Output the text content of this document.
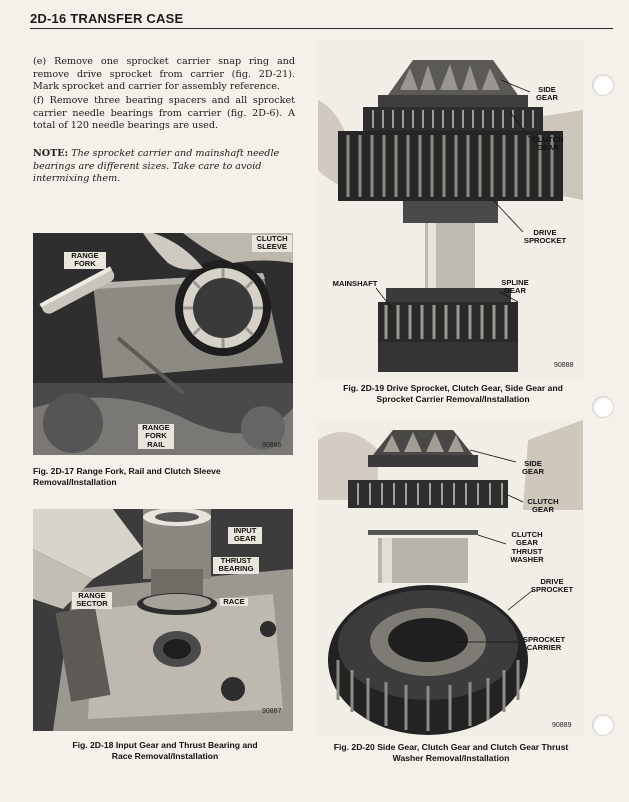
2D-16 TRANSFER CASE
(e) Remove one sprocket carrier snap ring and remove drive sprocket from carrier (fig. 2D-21). Mark sprocket and carrier for assembly reference.
(f) Remove three bearing spacers and all sprocket carrier needle bearings from carrier (fig. 2D-6). A total of 120 needle bearings are used.
NOTE: The sprocket carrier and mainshaft needle bearings are different sizes. Take care to avoid intermixing them.
CLUTCH SLEEVE
RANGE FORK
RANGE FORK RAIL	90886
Fig. 2D-17 Range Fork, Rail and Clutch Sleeve Removal/Installation
INPUT GEAR
THRUST BEARING
RANGE SECTOR	RACE
90887
Fig. 2D-18 Input Gear and Thrust Bearing and Race Removal/Installation
SIDE GEAR
CLUTCH GEAR
DRIVE SPROCKET
MAINSHAFT	SPLINE GEAR
90888
Fig. 2D-19 Drive Sprocket, Clutch Gear, Side Gear and Sprocket Carrier Removal/Installation
SIDE GEAR
CLUTCH GEAR
CLUTCH GEAR THRUST WASHER
DRIVE SPROCKET
SPROCKET CARRIER
90889
Fig. 2D-20 Side Gear, Clutch Gear and Clutch Gear Thrust Washer Removal/Installation
